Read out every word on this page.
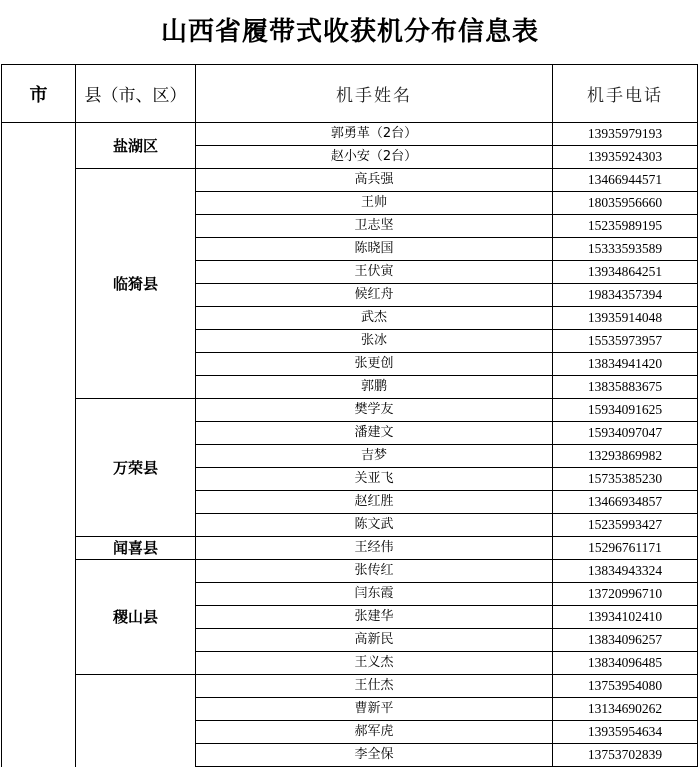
山西省履带式收获机分布信息表
市	县（市、区）	机手姓名	机手电话
	盐湖区	郭勇革（2台）	13935979193
		赵小安（2台）	13935924303
	临猗县	高兵强	13466944571
		王帅	18035956660
		卫志坚	15235989195
		陈晓国	15333593589
		王伏寅	13934864251
		候红舟	19834357394
		武杰	13935914048
		张冰	15535973957
		张更创	13834941420
		郭鹏	13835883675
	万荣县	樊学友	15934091625
		潘建文	15934097047
		吉梦	13293869982
		关亚飞	15735385230
		赵红胜	13466934857
		陈文武	15235993427
	闻喜县	王经伟	15296761171
	稷山县	张传红	13834943324
		闫东霞	13720996710
		张建华	13934102410
		高新民	13834096257
		王义杰	13834096485
		王仕杰	13753954080
		曹新平	13134690262
		郝军虎	13935954634
		李全保	13753702839
